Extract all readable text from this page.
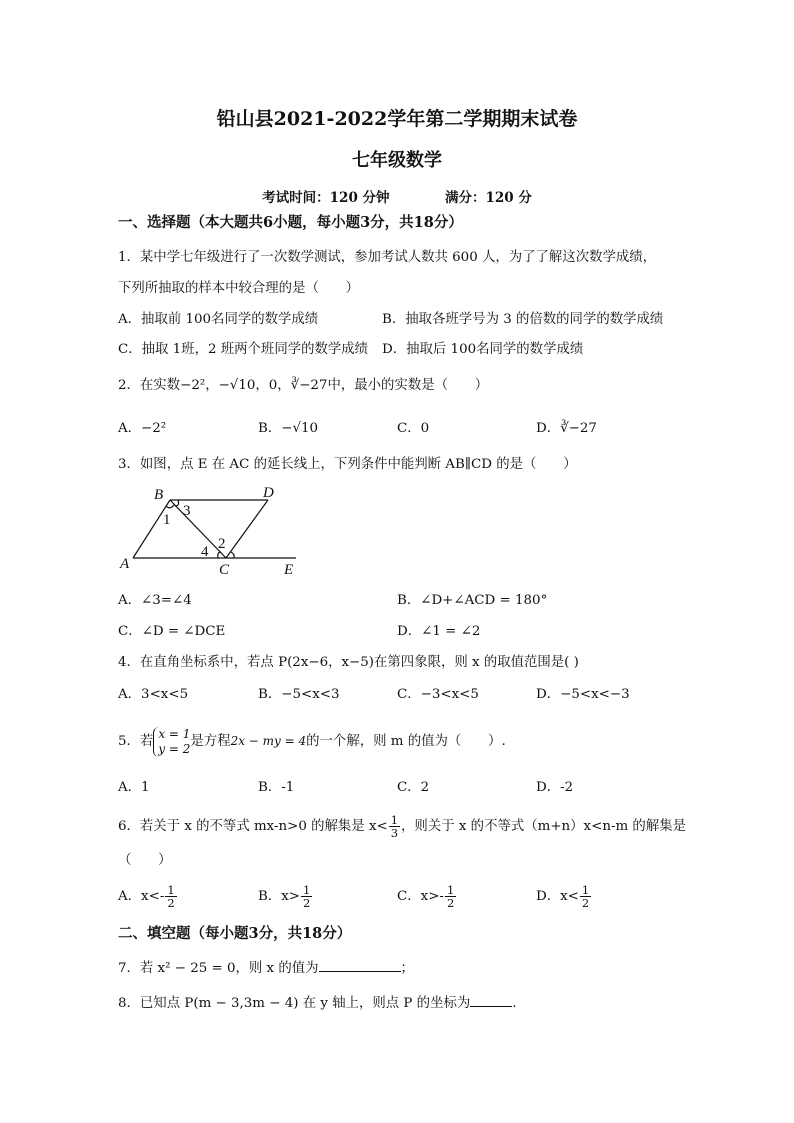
铅山县2021-2022学年第二学期期末试卷
七年级数学
考试时间：120 分钟	满分：120 分
一、选择题（本大题共6小题，每小题3分，共18分）
1．某中学七年级进行了一次数学测试，参加考试人数共 600 人，为了了解这次数学成绩，
下列所抽取的样本中较合理的是（　　）
A．抽取前 100名同学的数学成绩	B．抽取各班学号为 3 的倍数的同学的数学成绩
C．抽取 1班，2 班两个班同学的数学成绩 D．抽取后 100名同学的数学成绩
2．在实数−2²，−√10，0，∛−27中，最小的实数是（　　）
A．−2²	B．−√10	C．0	D．∛−27
3．如图，点 E 在 AC 的延长线上，下列条件中能判断 AB∥CD 的是（　　）
B	D
A	C	E
1
3
4 2
A．∠3=∠4	B．∠D+∠ACD = 180°
C．∠D = ∠DCE	D．∠1 = ∠2
4．在直角坐标系中，若点 P(2x−6，x−5)在第四象限，则 x 的取值范围是( )
A．3<x<5	B．−5<x<3	C．−3<x<5	D．−5<x<−3
5．若
x = 1
y = 2 是方程2x − my = 4的一个解，则 m 的值为（　　）.
A．1	B．-1	C．2	D．-2
6．若关于 x 的不等式 mx-n>0 的解集是 $x< \frac{1}{3}$ ，则关于 x 的不等式（m+n）x<n-m 的解集是
（　　）
A．$x<- \frac{1}{2}$	B．$x> \frac{1}{2}$	C．$x>- \frac{1}{2}$	D．$x< \frac{1}{2}$
二、填空题（每小题3分，共18分）
7．若 x² − 25 = 0，则 x 的值为	；
8．已知点 P(m − 3,3m − 4) 在 y 轴上，则点 P 的坐标为	.
